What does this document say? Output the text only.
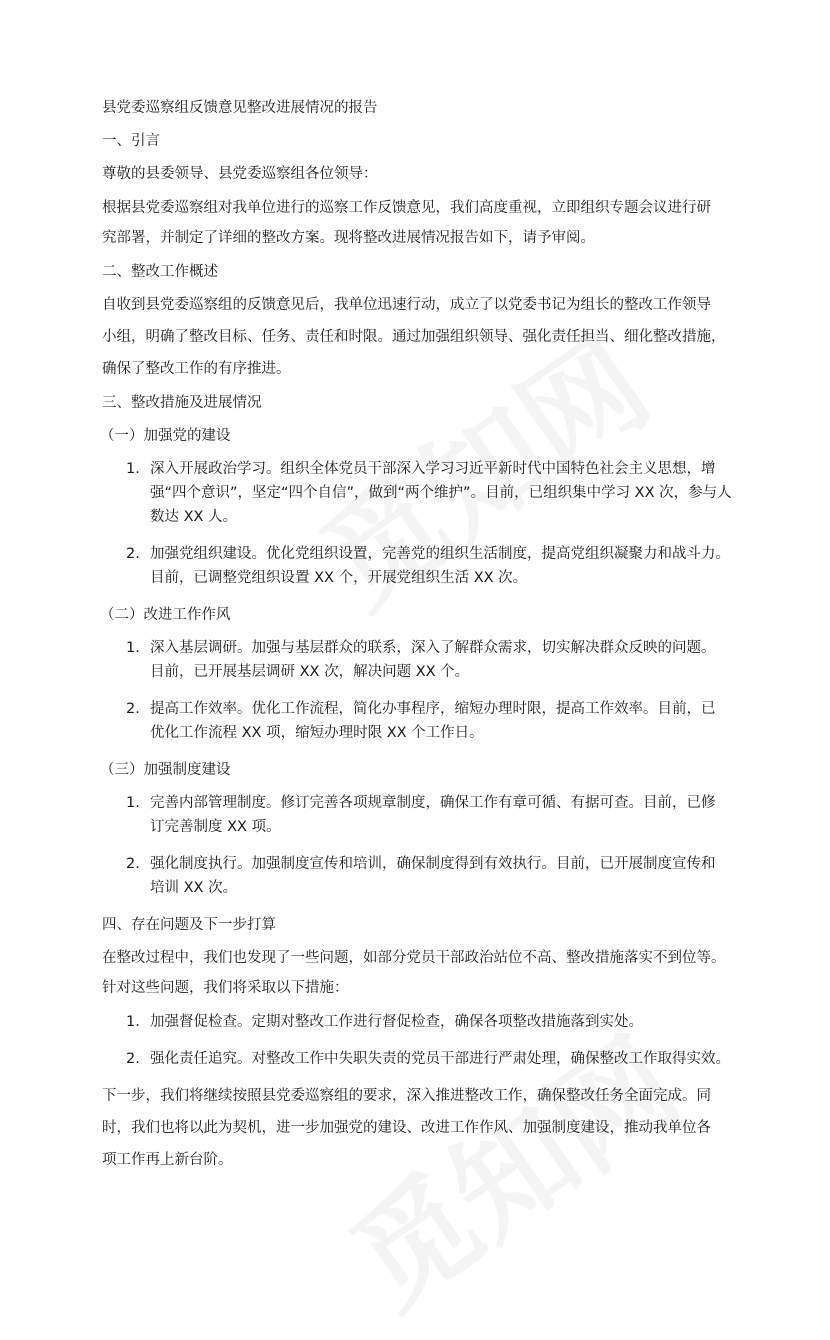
县党委巡察组反馈意见整改进展情况的报告
一、引言
尊敬的县委领导、县党委巡察组各位领导：
根据县党委巡察组对我单位进行的巡察工作反馈意见，我们高度重视，立即组织专题会议进行研
究部署，并制定了详细的整改方案。现将整改进展情况报告如下，请予审阅。
二、整改工作概述
自收到县党委巡察组的反馈意见后，我单位迅速行动，成立了以党委书记为组长的整改工作领导
小组，明确了整改目标、任务、责任和时限。通过加强组织领导、强化责任担当、细化整改措施，
确保了整改工作的有序推进。
三、整改措施及进展情况
（一）加强党的建设
1. 深入开展政治学习。组织全体党员干部深入学习习近平新时代中国特色社会主义思想，增
强“四个意识”，坚定“四个自信”，做到“两个维护”。目前，已组织集中学习 XX 次，参与人
数达 XX 人。
2. 加强党组织建设。优化党组织设置，完善党的组织生活制度，提高党组织凝聚力和战斗力。
目前，已调整党组织设置 XX 个，开展党组织生活 XX 次。
（二）改进工作作风
1. 深入基层调研。加强与基层群众的联系，深入了解群众需求，切实解决群众反映的问题。
目前，已开展基层调研 XX 次，解决问题 XX 个。
2. 提高工作效率。优化工作流程，简化办事程序，缩短办理时限，提高工作效率。目前，已
优化工作流程 XX 项，缩短办理时限 XX 个工作日。
（三）加强制度建设
1. 完善内部管理制度。修订完善各项规章制度，确保工作有章可循、有据可查。目前，已修
订完善制度 XX 项。
2. 强化制度执行。加强制度宣传和培训，确保制度得到有效执行。目前，已开展制度宣传和
培训 XX 次。
四、存在问题及下一步打算
在整改过程中，我们也发现了一些问题，如部分党员干部政治站位不高、整改措施落实不到位等。
针对这些问题，我们将采取以下措施：
1. 加强督促检查。定期对整改工作进行督促检查，确保各项整改措施落到实处。
2. 强化责任追究。对整改工作中失职失责的党员干部进行严肃处理，确保整改工作取得实效。
下一步，我们将继续按照县党委巡察组的要求，深入推进整改工作，确保整改任务全面完成。同
时，我们也将以此为契机，进一步加强党的建设、改进工作作风、加强制度建设，推动我单位各
项工作再上新台阶。
